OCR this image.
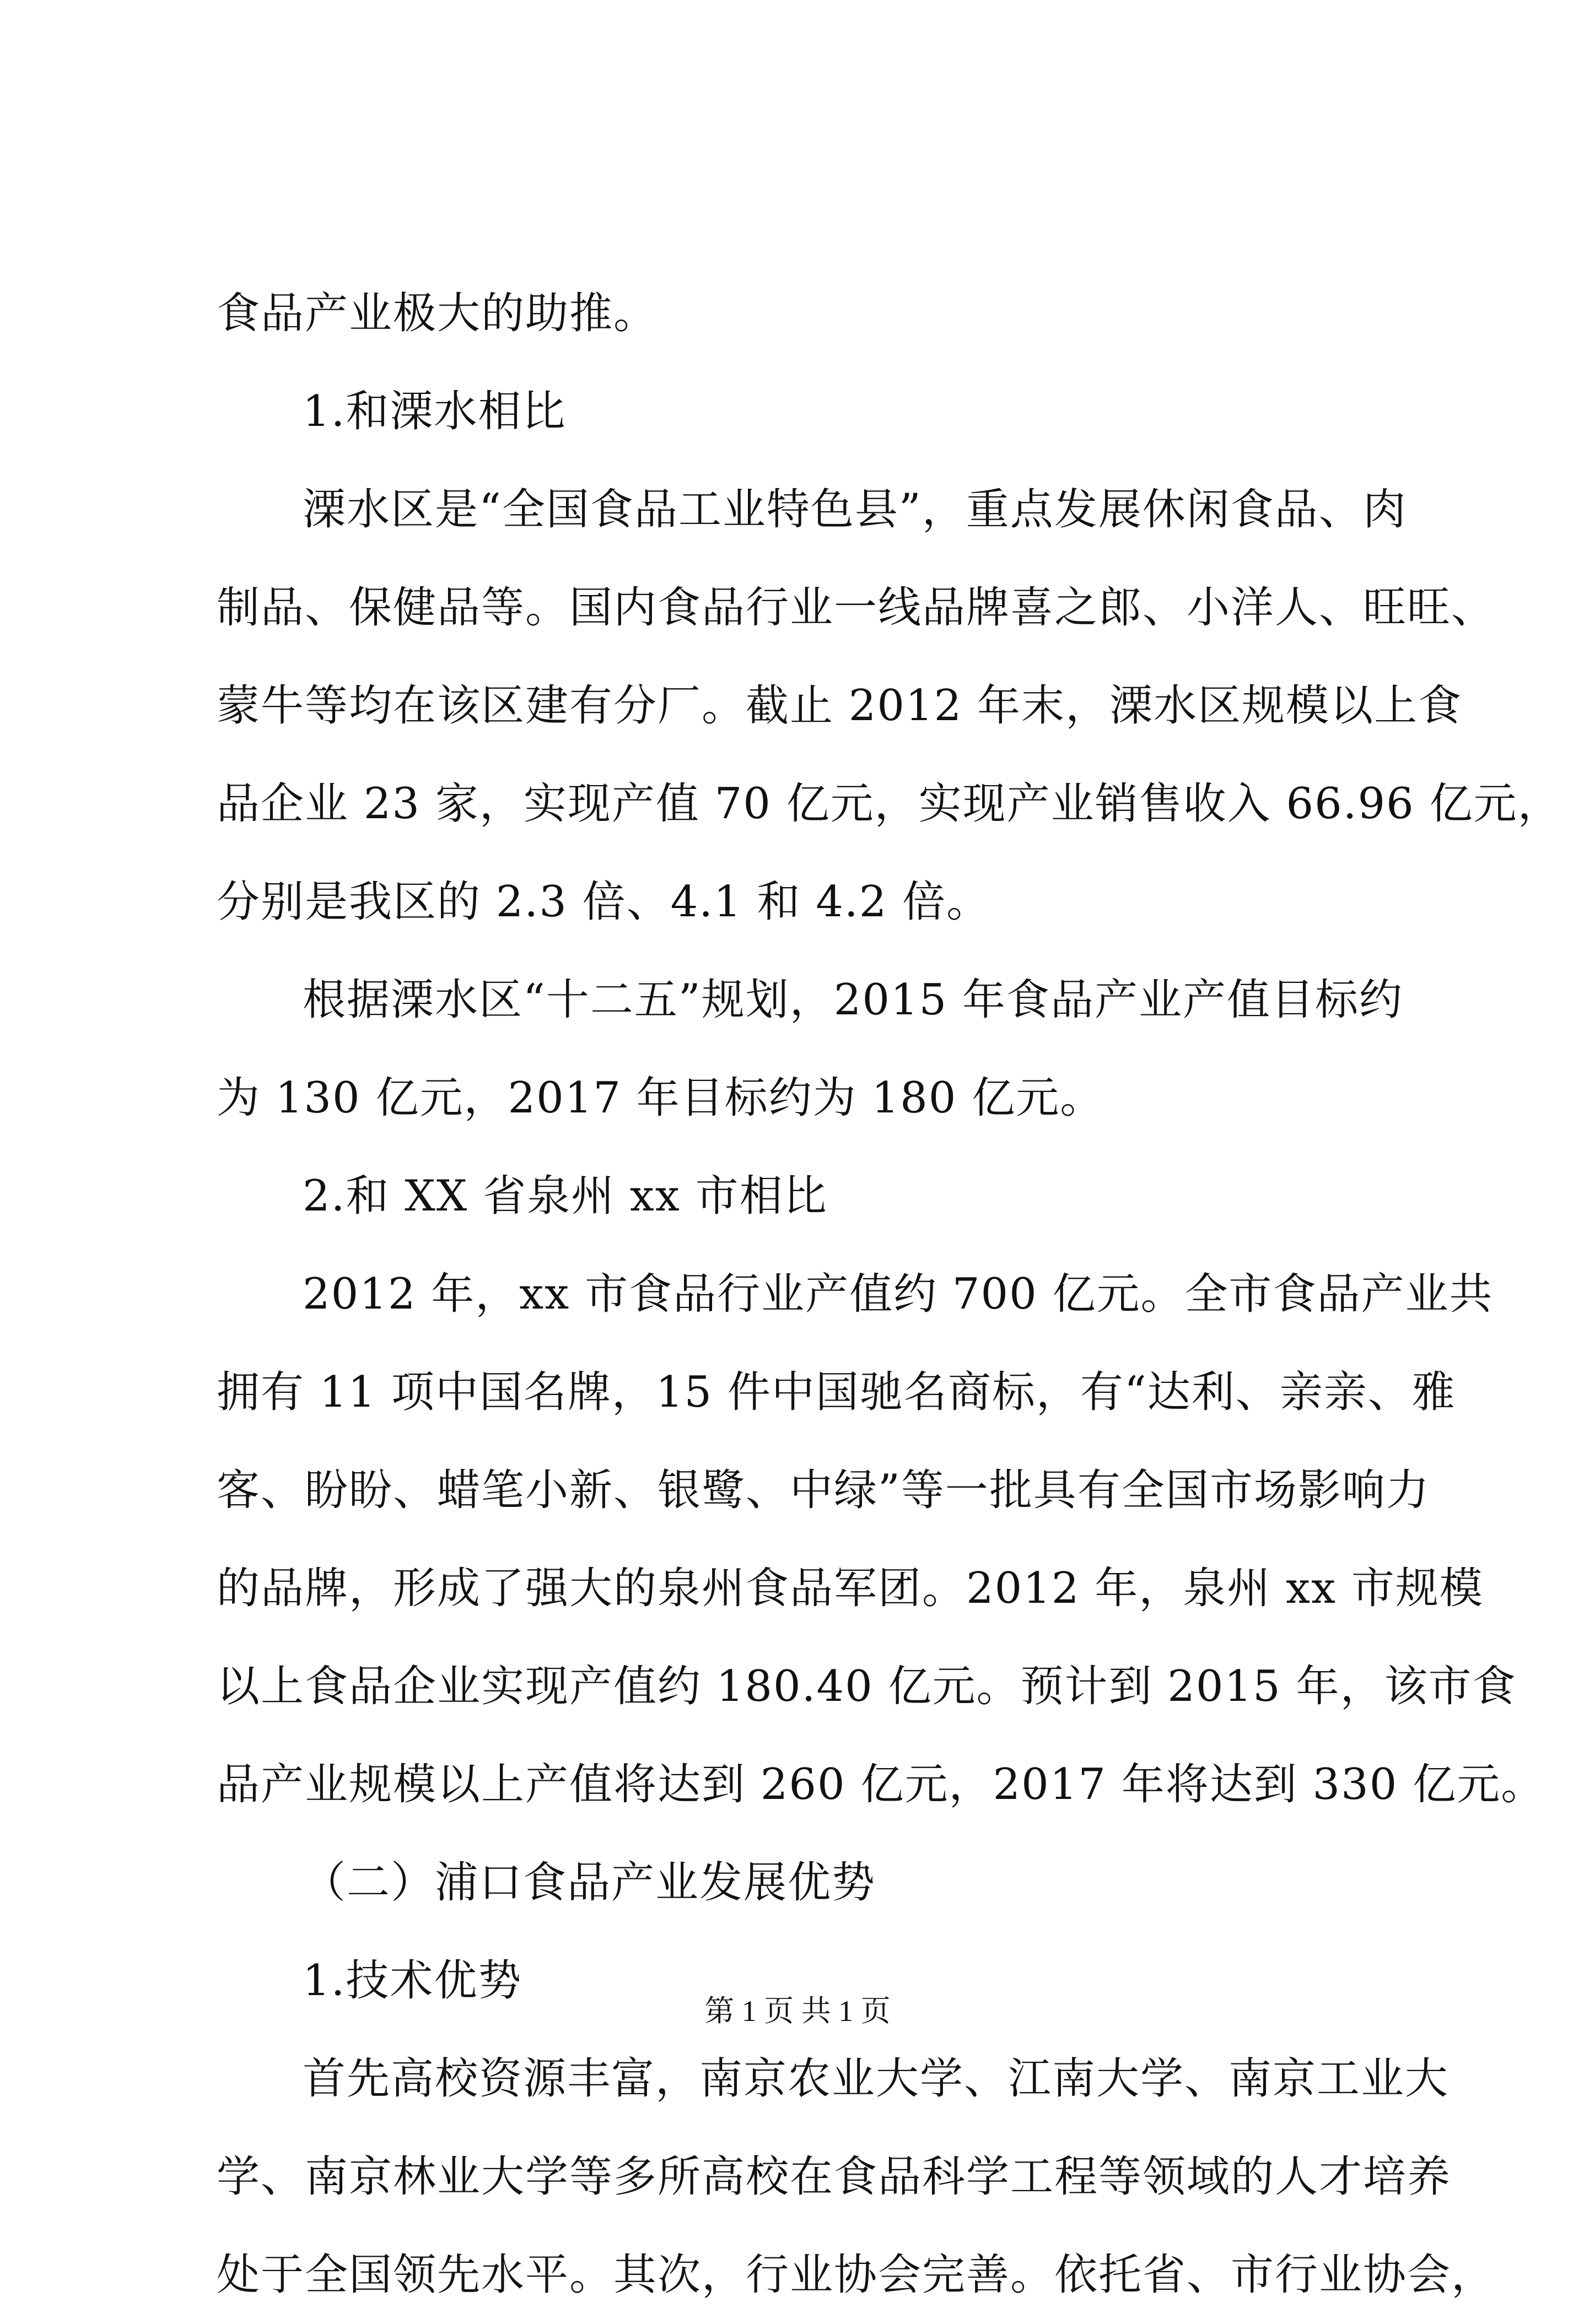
食品产业极大的助推。
1.和溧水相比
溧水区是“全国食品工业特色县”，重点发展休闲食品、肉
制品、保健品等。国内食品行业一线品牌喜之郎、小洋人、旺旺、
蒙牛等均在该区建有分厂。截止 2012 年末，溧水区规模以上食
品企业 23 家，实现产值 70 亿元，实现产业销售收入 66.96 亿元，
分别是我区的 2.3 倍、4.1 和 4.2 倍。
根据溧水区“十二五”规划，2015 年食品产业产值目标约
为 130 亿元，2017 年目标约为 180 亿元。
2.和 XX 省泉州 xx 市相比
2012 年，xx 市食品行业产值约 700 亿元。全市食品产业共
拥有 11 项中国名牌，15 件中国驰名商标，有“达利、亲亲、雅
客、盼盼、蜡笔小新、银鹭、中绿”等一批具有全国市场影响力
的品牌，形成了强大的泉州食品军团。2012 年，泉州 xx 市规模
以上食品企业实现产值约 180.40 亿元。预计到 2015 年，该市食
品产业规模以上产值将达到 260 亿元，2017 年将达到 330 亿元。
（二）浦口食品产业发展优势
1.技术优势
首先高校资源丰富，南京农业大学、江南大学、南京工业大
学、南京林业大学等多所高校在食品科学工程等领域的人才培养
处于全国领先水平。其次，行业协会完善。依托省、市行业协会，
第 1 页 共 1 页
